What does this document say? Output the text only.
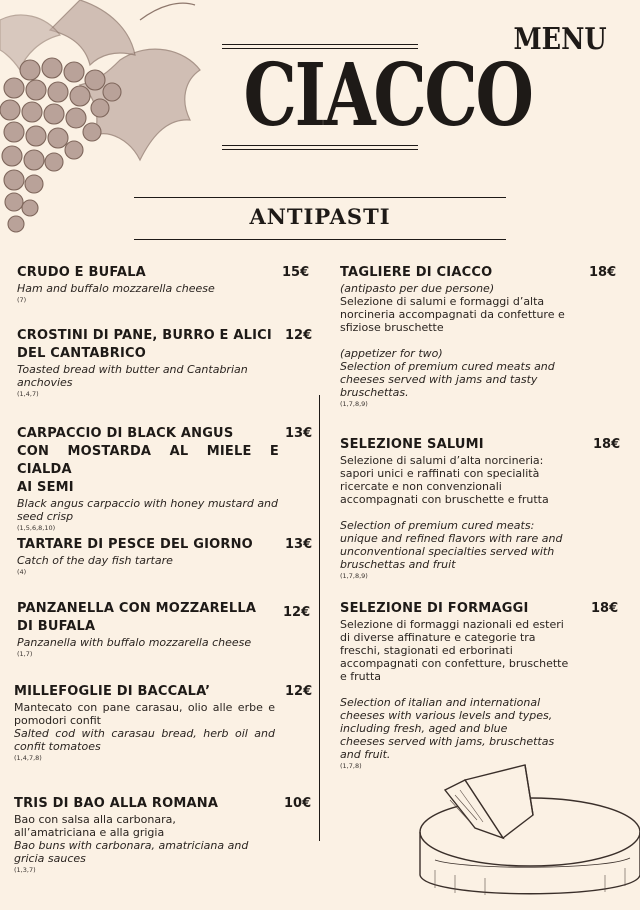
CIACCO
MENU
ANTIPASTI
CRUDO E BUFALA	15€
Ham and buffalo mozzarella cheese
(7)
CROSTINI DI PANE, BURRO E ALICI
DEL CANTABRICO
12€
Toasted bread with butter and Cantabrian anchovies
(1,4,7)
CARPACCIO DI BLACK ANGUS
CON MOSTARDA AL MIELE E CIALDA
AI SEMI
13€
Black angus carpaccio with honey mustard and seed crisp
(1,5,6,8,10)
TARTARE DI PESCE DEL GIORNO	13€
Catch of the day fish tartare
(4)
PANZANELLA CON MOZZARELLA
DI BUFALA
12€
Panzanella with buffalo mozzarella cheese
(1,7)
MILLEFOGLIE DI BACCALA’	12€
Mantecato con pane carasau, olio alle erbe e pomodori confit
Salted cod with carasau bread, herb oil and confit tomatoes
(1,4,7,8)
TRIS DI BAO ALLA ROMANA	10€
Bao con salsa alla carbonara, all’amatriciana e alla grigia
Bao buns with carbonara, amatriciana and gricia sauces
(1,3,7)
TAGLIERE DI CIACCO	18€
(antipasto per due persone)
Selezione di salumi e formaggi d’alta norcineria accompagnati da confetture e sfiziose bruschette
(appetizer for two)
Selection of premium cured meats and cheeses served with jams and tasty bruschettas.
(1,7,8,9)
SELEZIONE SALUMI	18€
Selezione di salumi d’alta norcineria: sapori unici e raffinati con specialità ricercate e non convenzionali accompagnati con bruschette e frutta
Selection of premium cured meats: unique and refined flavors with rare and unconventional specialties served with bruschettas and fruit
(1,7,8,9)
SELEZIONE DI FORMAGGI	18€
Selezione di formaggi nazionali ed esteri di diverse affinature e categorie tra freschi, stagionati ed erborinati accompagnati con confetture, bruschette e frutta
Selection of italian and international cheeses with various levels and types, including fresh, aged and blue cheeses served with jams, bruschettas and fruit.
(1,7,8)
